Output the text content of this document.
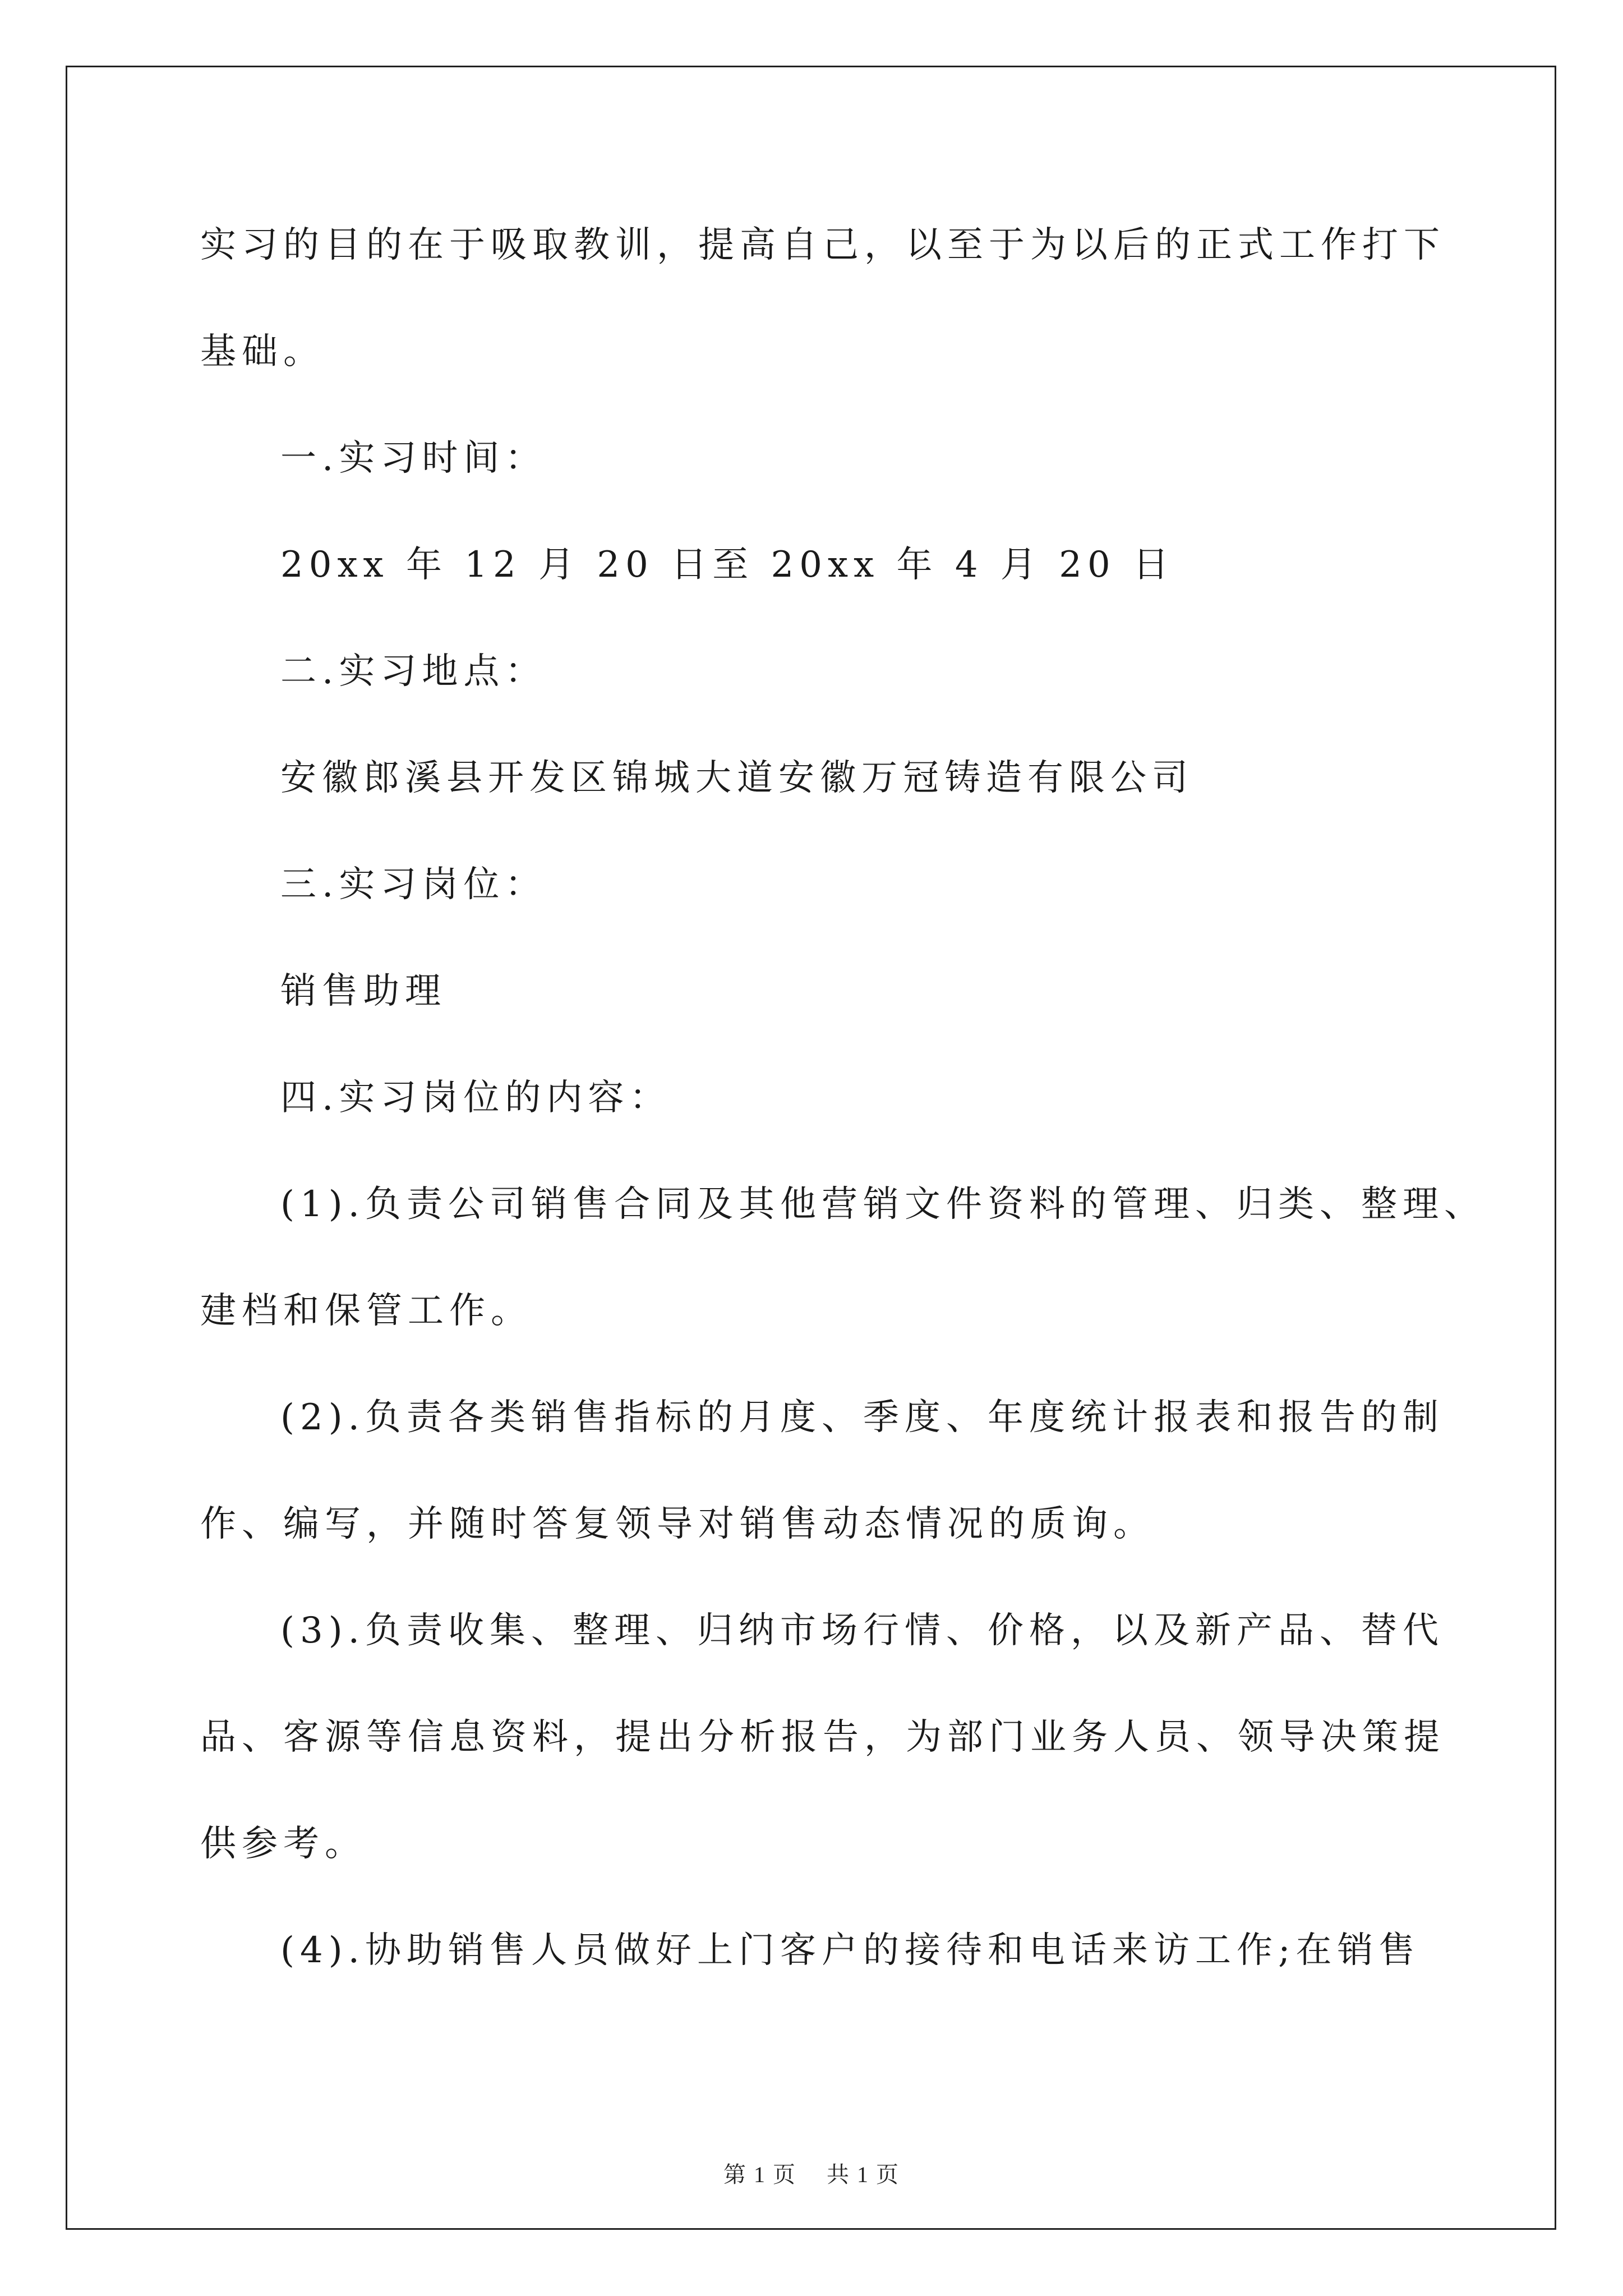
实习的目的在于吸取教训，提高自己，以至于为以后的正式工作打下
基础。
一.实习时间：
20xx 年 12 月 20 日至 20xx 年 4 月 20 日
二.实习地点：
安徽郎溪县开发区锦城大道安徽万冠铸造有限公司
三.实习岗位：
销售助理
四.实习岗位的内容：
(1).负责公司销售合同及其他营销文件资料的管理、归类、整理、
建档和保管工作。
(2).负责各类销售指标的月度、季度、年度统计报表和报告的制
作、编写，并随时答复领导对销售动态情况的质询。
(3).负责收集、整理、归纳市场行情、价格，以及新产品、替代
品、客源等信息资料，提出分析报告，为部门业务人员、领导决策提
供参考。
(4).协助销售人员做好上门客户的接待和电话来访工作;在销售
第 1 页　 共 1 页
